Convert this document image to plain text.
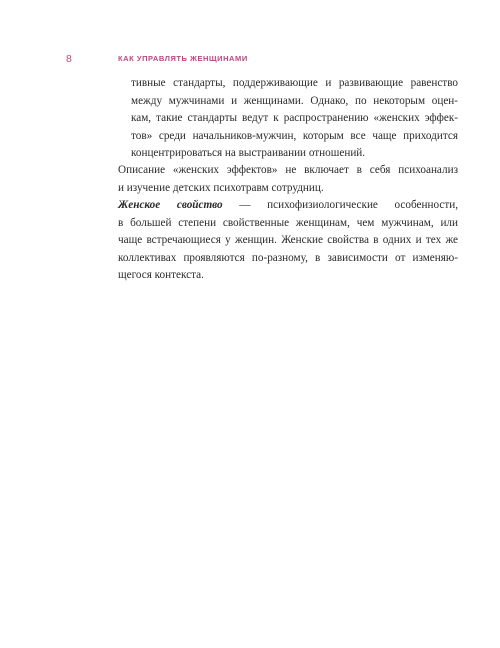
8	КАК УПРАВЛЯТЬ ЖЕНЩИНАМИ
тивные стандарты, поддерживающие и развивающие равенство
между мужчинами и женщинами. Однако, по некоторым оцен-
кам, такие стандарты ведут к распространению «женских эффек-
тов» среди начальников-мужчин, которым все чаще приходится
концентрироваться на выстраивании отношений.
Описание «женских эффектов» не включает в себя психоанализ
и изучение детских психотравм сотрудниц.
Женское свойство — психофизиологические особенности,
в большей степени свойственные женщинам, чем мужчинам, или
чаще встречающиеся у женщин. Женские свойства в одних и тех же
коллективах проявляются по-разному, в зависимости от изменяю-
щегося контекста.
